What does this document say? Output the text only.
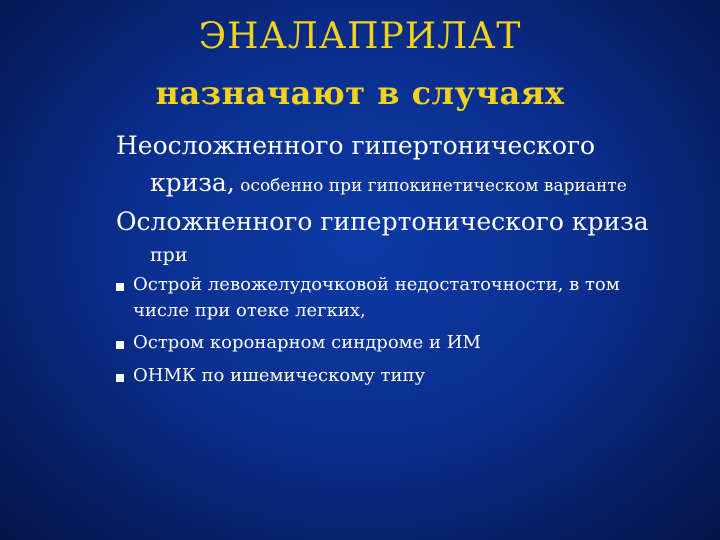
ЭНАЛАПРИЛАТ
назначают в случаях
Неосложненного гипертонического
криза, особенно при гипокинетическом варианте
Осложненного гипертонического криза
при
Острой левожелудочковой недостаточности, в том
числе при отеке легких,
Остром коронарном синдроме и ИМ
ОНМК по ишемическому типу
